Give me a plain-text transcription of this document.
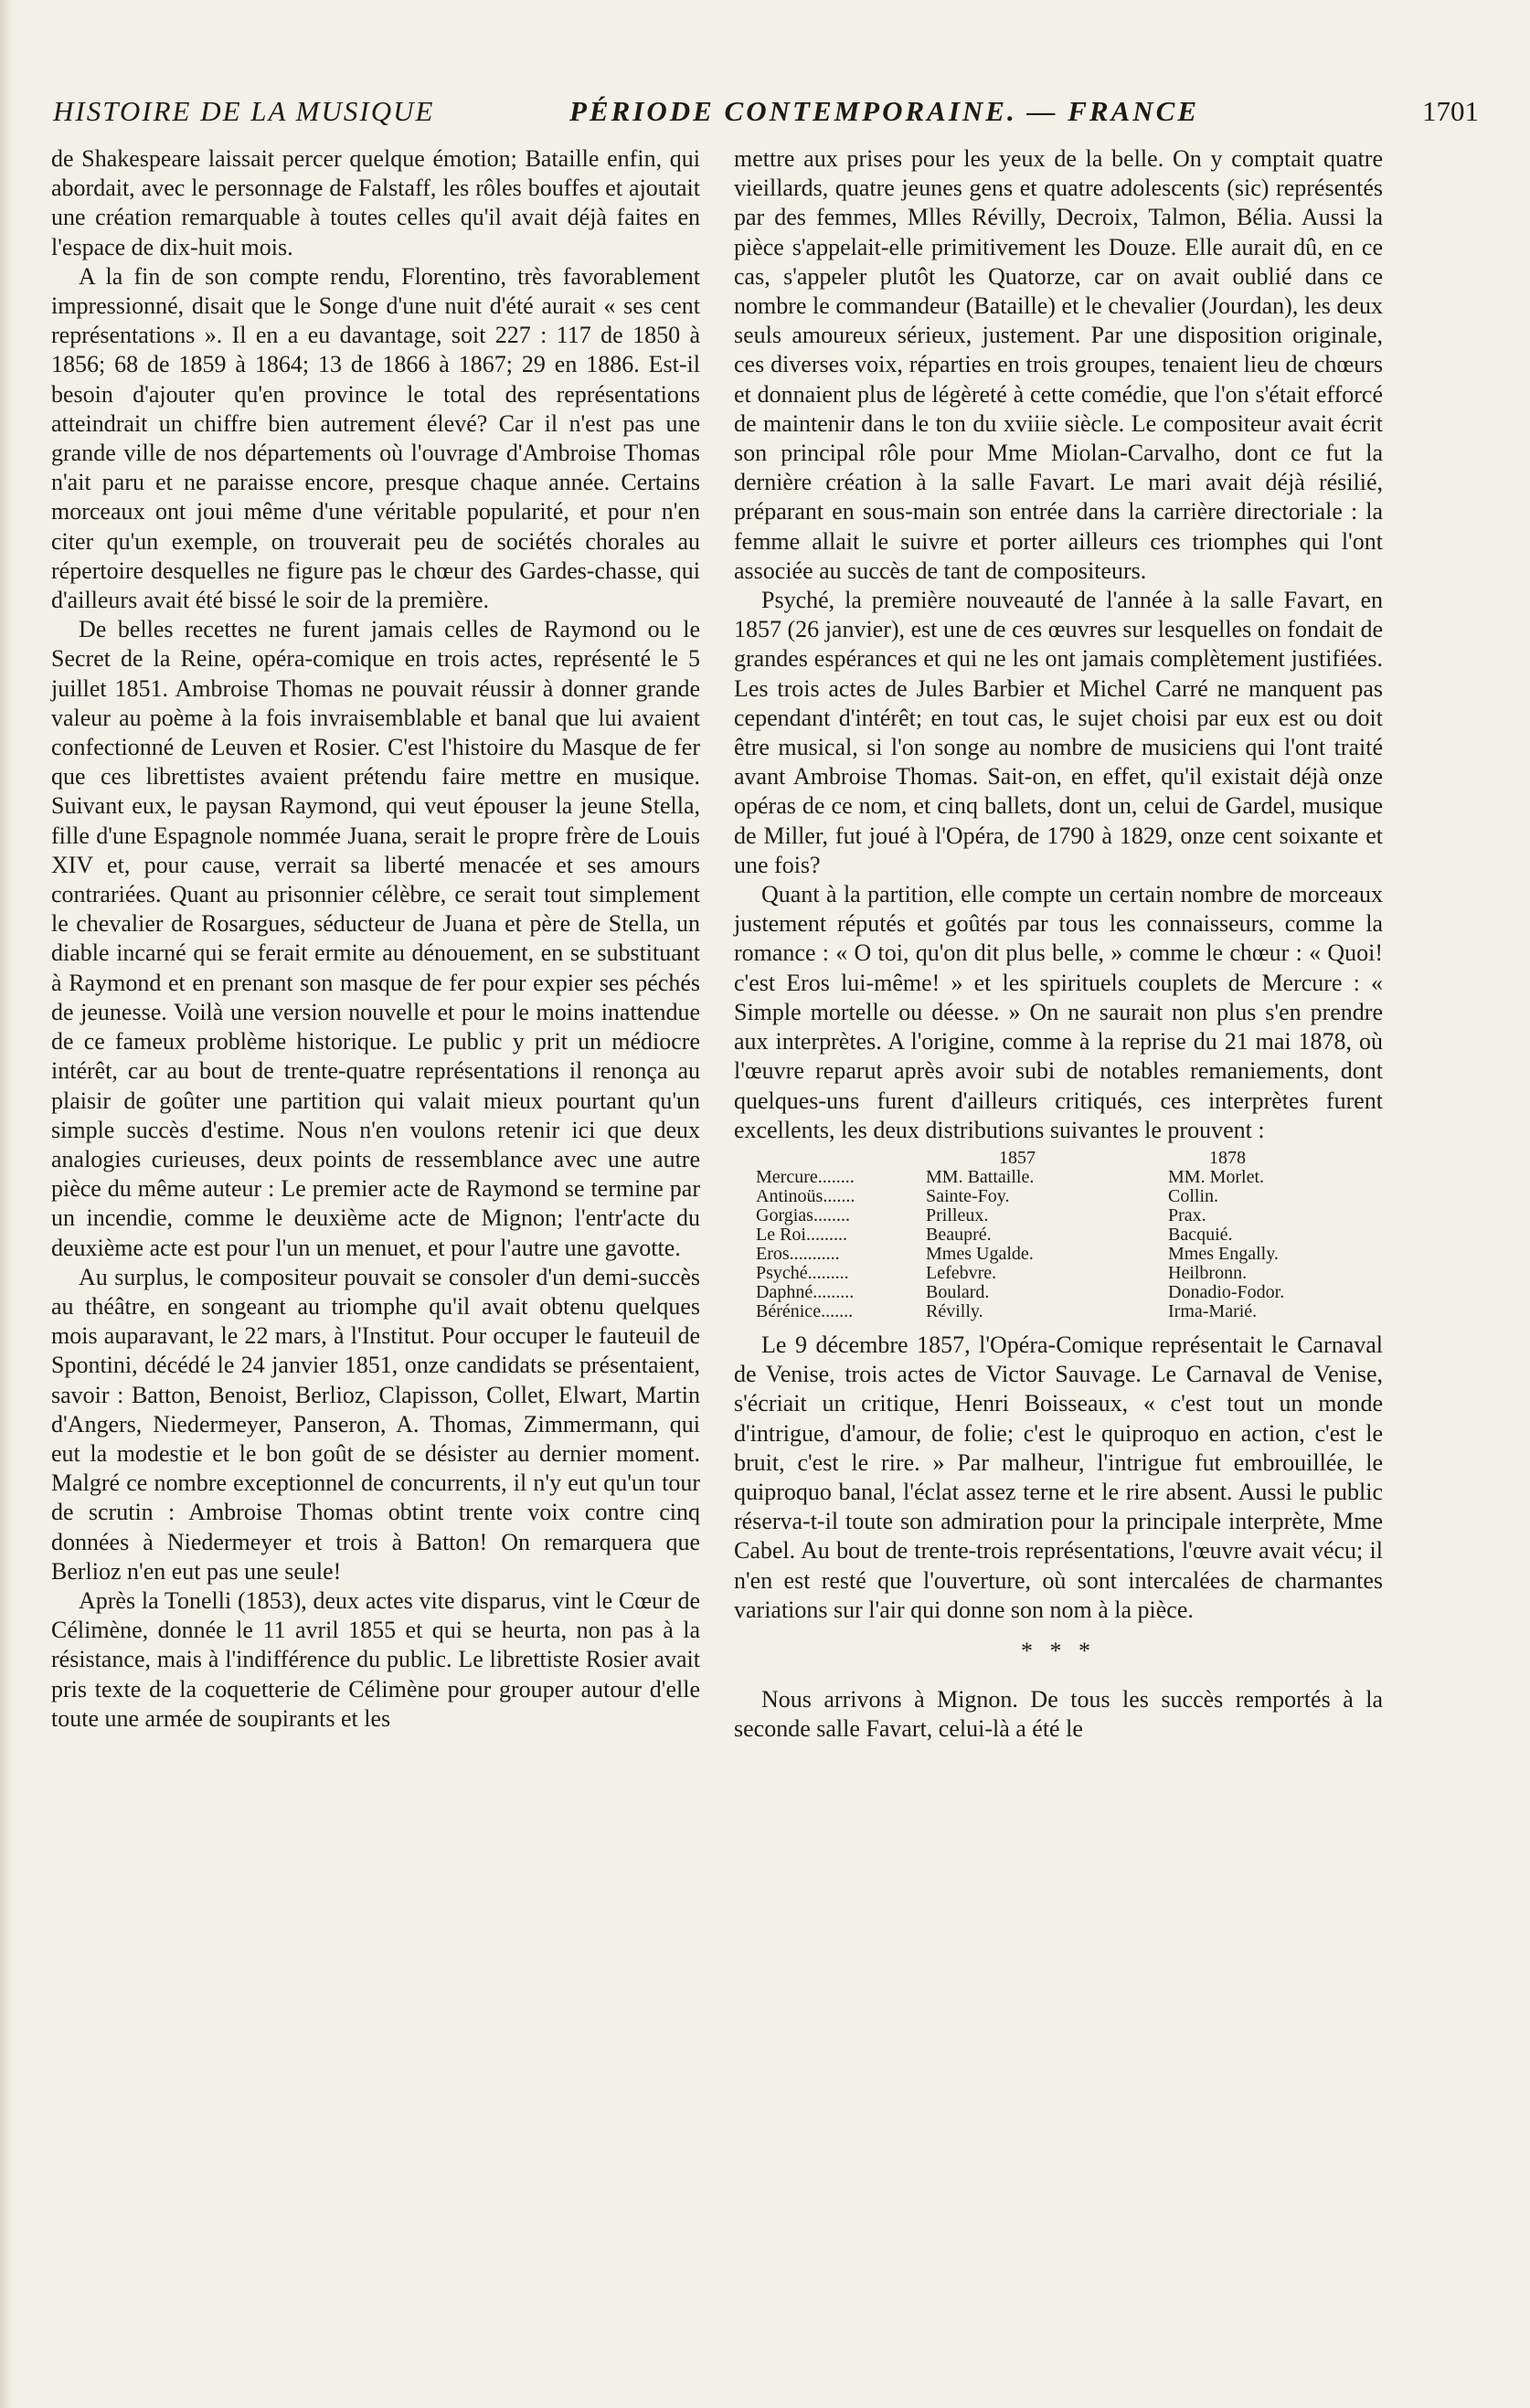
HISTOIRE DE LA MUSIQUE	PÉRIODE CONTEMPORAINE. — FRANCE	1701

de Shakespeare laissait percer quelque émotion; Bataille enfin, qui abordait, avec le personnage de Falstaff, les rôles bouffes et ajoutait une création remarquable à toutes celles qu'il avait déjà faites en l'espace de dix-huit mois.

A la fin de son compte rendu, Florentino, très favorablement impressionné, disait que le Songe d'une nuit d'été aurait « ses cent représentations ». Il en a eu davantage, soit 227 : 117 de 1850 à 1856; 68 de 1859 à 1864; 13 de 1866 à 1867; 29 en 1886. Est-il besoin d'ajouter qu'en province le total des représentations atteindrait un chiffre bien autrement élevé? Car il n'est pas une grande ville de nos départements où l'ouvrage d'Ambroise Thomas n'ait paru et ne paraisse encore, presque chaque année. Certains morceaux ont joui même d'une véritable popularité, et pour n'en citer qu'un exemple, on trouverait peu de sociétés chorales au répertoire desquelles ne figure pas le chœur des Gardes-chasse, qui d'ailleurs avait été bissé le soir de la première.

De belles recettes ne furent jamais celles de Raymond ou le Secret de la Reine, opéra-comique en trois actes, représenté le 5 juillet 1851. Ambroise Thomas ne pouvait réussir à donner grande valeur au poème à la fois invraisemblable et banal que lui avaient confectionné de Leuven et Rosier. C'est l'histoire du Masque de fer que ces librettistes avaient prétendu faire mettre en musique. Suivant eux, le paysan Raymond, qui veut épouser la jeune Stella, fille d'une Espagnole nommée Juana, serait le propre frère de Louis XIV et, pour cause, verrait sa liberté menacée et ses amours contrariées. Quant au prisonnier célèbre, ce serait tout simplement le chevalier de Rosargues, séducteur de Juana et père de Stella, un diable incarné qui se ferait ermite au dénouement, en se substituant à Raymond et en prenant son masque de fer pour expier ses péchés de jeunesse. Voilà une version nouvelle et pour le moins inattendue de ce fameux problème historique. Le public y prit un médiocre intérêt, car au bout de trente-quatre représentations il renonça au plaisir de goûter une partition qui valait mieux pourtant qu'un simple succès d'estime. Nous n'en voulons retenir ici que deux analogies curieuses, deux points de ressemblance avec une autre pièce du même auteur : Le premier acte de Raymond se termine par un incendie, comme le deuxième acte de Mignon; l'entr'acte du deuxième acte est pour l'un un menuet, et pour l'autre une gavotte.

Au surplus, le compositeur pouvait se consoler d'un demi-succès au théâtre, en songeant au triomphe qu'il avait obtenu quelques mois auparavant, le 22 mars, à l'Institut. Pour occuper le fauteuil de Spontini, décédé le 24 janvier 1851, onze candidats se présentaient, savoir : Batton, Benoist, Berlioz, Clapisson, Collet, Elwart, Martin d'Angers, Niedermeyer, Panseron, A. Thomas, Zimmermann, qui eut la modestie et le bon goût de se désister au dernier moment. Malgré ce nombre exceptionnel de concurrents, il n'y eut qu'un tour de scrutin : Ambroise Thomas obtint trente voix contre cinq données à Niedermeyer et trois à Batton! On remarquera que Berlioz n'en eut pas une seule!

Après la Tonelli (1853), deux actes vite disparus, vint le Cœur de Célimène, donnée le 11 avril 1855 et qui se heurta, non pas à la résistance, mais à l'indifférence du public. Le librettiste Rosier avait pris texte de la coquetterie de Célimène pour grouper autour d'elle toute une armée de soupirants et les

mettre aux prises pour les yeux de la belle. On y comptait quatre vieillards, quatre jeunes gens et quatre adolescents (sic) représentés par des femmes, Mlles Révilly, Decroix, Talmon, Bélia. Aussi la pièce s'appelait-elle primitivement les Douze. Elle aurait dû, en ce cas, s'appeler plutôt les Quatorze, car on avait oublié dans ce nombre le commandeur (Bataille) et le chevalier (Jourdan), les deux seuls amoureux sérieux, justement. Par une disposition originale, ces diverses voix, réparties en trois groupes, tenaient lieu de chœurs et donnaient plus de légèreté à cette comédie, que l'on s'était efforcé de maintenir dans le ton du xviiie siècle. Le compositeur avait écrit son principal rôle pour Mme Miolan-Carvalho, dont ce fut la dernière création à la salle Favart. Le mari avait déjà résilié, préparant en sous-main son entrée dans la carrière directoriale : la femme allait le suivre et porter ailleurs ces triomphes qui l'ont associée au succès de tant de compositeurs.

Psyché, la première nouveauté de l'année à la salle Favart, en 1857 (26 janvier), est une de ces œuvres sur lesquelles on fondait de grandes espérances et qui ne les ont jamais complètement justifiées. Les trois actes de Jules Barbier et Michel Carré ne manquent pas cependant d'intérêt; en tout cas, le sujet choisi par eux est ou doit être musical, si l'on songe au nombre de musiciens qui l'ont traité avant Ambroise Thomas. Sait-on, en effet, qu'il existait déjà onze opéras de ce nom, et cinq ballets, dont un, celui de Gardel, musique de Miller, fut joué à l'Opéra, de 1790 à 1829, onze cent soixante et une fois?

Quant à la partition, elle compte un certain nombre de morceaux justement réputés et goûtés par tous les connaisseurs, comme la romance : « O toi, qu'on dit plus belle, » comme le chœur : « Quoi! c'est Eros lui-même! » et les spirituels couplets de Mercure : « Simple mortelle ou déesse. » On ne saurait non plus s'en prendre aux interprètes. A l'origine, comme à la reprise du 21 mai 1878, où l'œuvre reparut après avoir subi de notables remaniements, dont quelques-uns furent d'ailleurs critiqués, ces interprètes furent excellents, les deux distributions suivantes le prouvent :

1857	1878
Mercure........	MM. Battaille.	MM. Morlet.
Antinoüs.......	Sainte-Foy.	Collin.
Gorgias........	Prilleux.	Prax.
Le Roi.........	Beaupré.	Bacquié.
Eros...........	Mmes Ugalde.	Mmes Engally.
Psyché.........	Lefebvre.	Heilbronn.
Daphné.........	Boulard.	Donadio-Fodor.
Bérénice.......	Révilly.	Irma-Marié.

Le 9 décembre 1857, l'Opéra-Comique représentait le Carnaval de Venise, trois actes de Victor Sauvage. Le Carnaval de Venise, s'écriait un critique, Henri Boisseaux, « c'est tout un monde d'intrigue, d'amour, de folie; c'est le quiproquo en action, c'est le bruit, c'est le rire. » Par malheur, l'intrigue fut embrouillée, le quiproquo banal, l'éclat assez terne et le rire absent. Aussi le public réserva-t-il toute son admiration pour la principale interprète, Mme Cabel. Au bout de trente-trois représentations, l'œuvre avait vécu; il n'en est resté que l'ouverture, où sont intercalées de charmantes variations sur l'air qui donne son nom à la pièce.

* * *

Nous arrivons à Mignon. De tous les succès remportés à la seconde salle Favart, celui-là a été le
